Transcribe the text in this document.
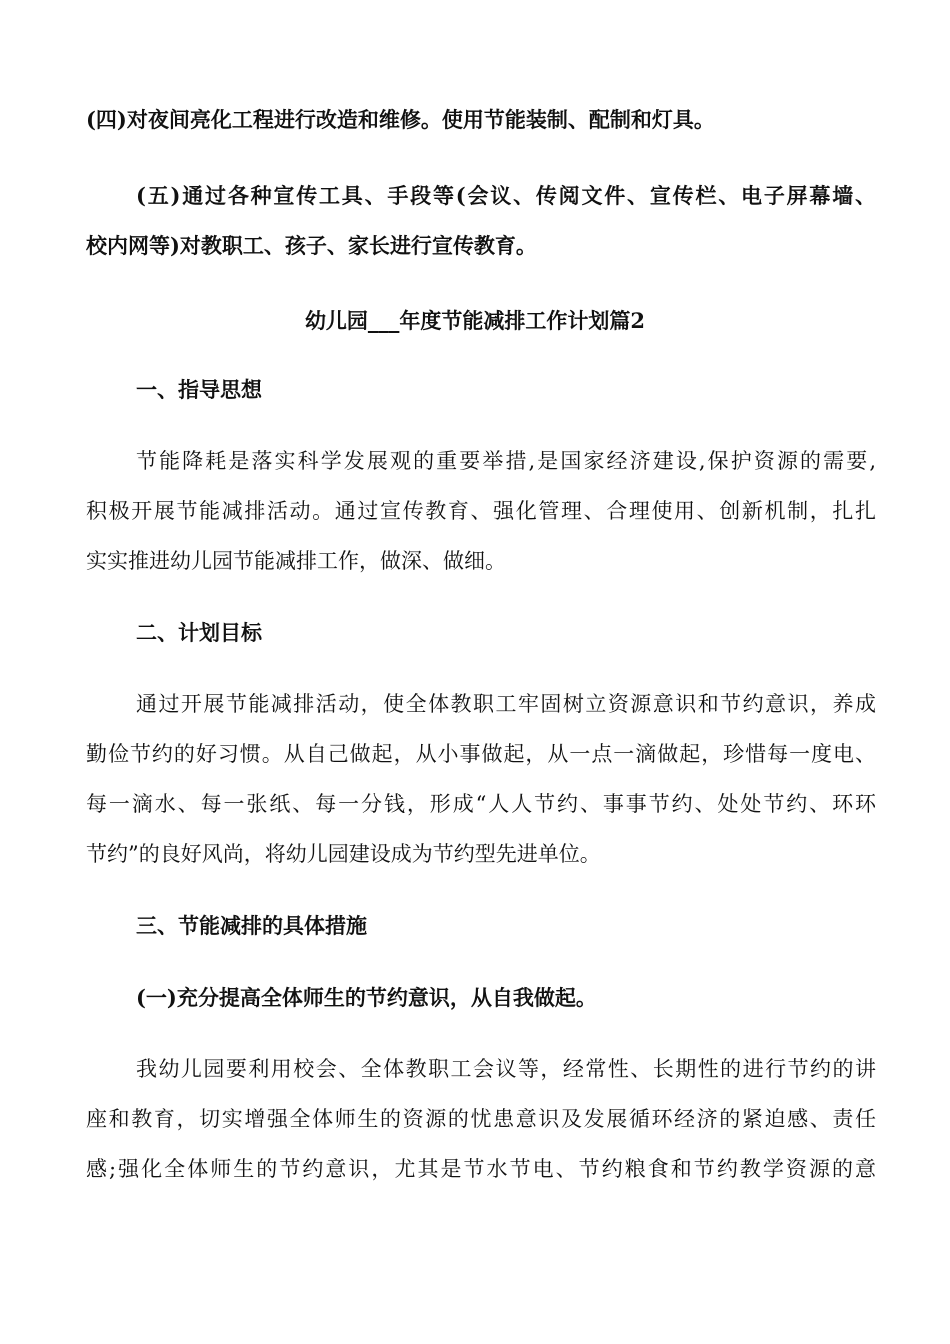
(四)对夜间亮化工程进行改造和维修。使用节能装制、配制和灯具。
(五)通过各种宣传工具、手段等(会议、传阅文件、宣传栏、电子屏幕墙、
校内网等)对教职工、孩子、家长进行宣传教育。
幼儿园___年度节能减排工作计划篇2
一、指导思想
节能降耗是落实科学发展观的重要举措,是国家经济建设,保护资源的需要,
积极开展节能减排活动。通过宣传教育、强化管理、合理使用、创新机制，扎扎
实实推进幼儿园节能减排工作，做深、做细。
二、计划目标
通过开展节能减排活动，使全体教职工牢固树立资源意识和节约意识，养成
勤俭节约的好习惯。从自己做起，从小事做起，从一点一滴做起，珍惜每一度电、
每一滴水、每一张纸、每一分钱，形成“人人节约、事事节约、处处节约、环环
节约”的良好风尚，将幼儿园建设成为节约型先进单位。
三、节能减排的具体措施
(一)充分提高全体师生的节约意识，从自我做起。
我幼儿园要利用校会、全体教职工会议等，经常性、长期性的进行节约的讲
座和教育，切实增强全体师生的资源的忧患意识及发展循环经济的紧迫感、责任
感;强化全体师生的节约意识，尤其是节水节电、节约粮食和节约教学资源的意
